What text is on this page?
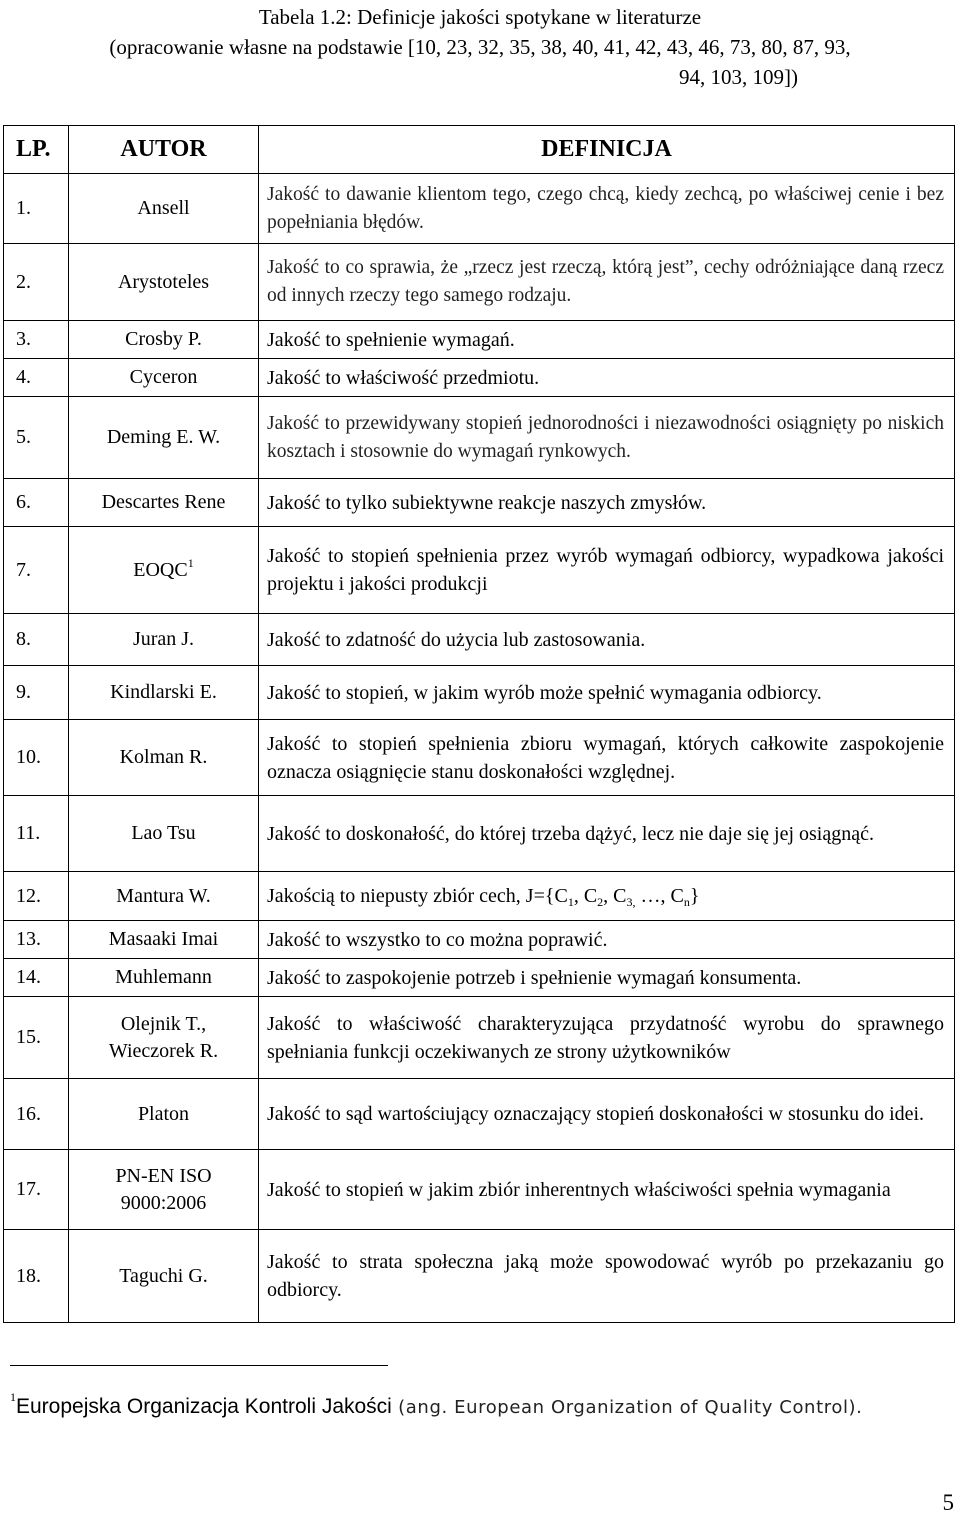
Tabela 1.2: Definicje jakości spotykane w literaturze
(opracowanie własne na podstawie [10, 23, 32, 35, 38, 40, 41, 42, 43, 46, 73, 80, 87, 93,
94, 103, 109])
LP.	AUTOR	DEFINICJA
1.	Ansell	Jakość to dawanie klientom tego, czego chcą, kiedy zechcą, po właściwej cenie i bez popełniania błędów.
2.	Arystoteles	Jakość to co sprawia, że „rzecz jest rzeczą, którą jest”, cechy odróżniające daną rzecz od innych rzeczy tego samego rodzaju.
3.	Crosby P.	Jakość to spełnienie wymagań.
4.	Cyceron	Jakość to właściwość przedmiotu.
5.	Deming E. W.	Jakość to przewidywany stopień jednorodności i niezawodności osiągnięty po niskich kosztach i stosownie do wymagań rynkowych.
6.	Descartes Rene	Jakość to tylko subiektywne reakcje naszych zmysłów.
7.	EOQC$^1$	Jakość to stopień spełnienia przez wyrób wymagań odbiorcy, wypadkowa jakości projektu i jakości produkcji
8.	Juran J.	Jakość to zdatność do użycia lub zastosowania.
9.	Kindlarski E.	Jakość to stopień, w jakim wyrób może spełnić wymagania odbiorcy.
10.	Kolman R.	Jakość to stopień spełnienia zbioru wymagań, których całkowite zaspokojenie oznacza osiągnięcie stanu doskonałości względnej.
11.	Lao Tsu	Jakość to doskonałość, do której trzeba dążyć, lecz nie daje się jej osiągnąć.
12.	Mantura W.	Jakością to niepusty zbiór cech, $J=\{C_1$, $C_2$, $C_{3,}$ …, $C_n$}
13.	Masaaki Imai	Jakość to wszystko to co można poprawić.
14.	Muhlemann	Jakość to zaspokojenie potrzeb i spełnienie wymagań konsumenta.
15.	Olejnik T.,
Wieczorek R.	Jakość to właściwość charakteryzująca przydatność wyrobu do sprawnego spełniania funkcji oczekiwanych ze strony użytkowników
16.	Platon	Jakość to sąd wartościujący oznaczający stopień doskonałości w stosunku do idei.
17.	PN-EN ISO
9000:2006	Jakość to stopień w jakim zbiór inherentnych właściwości spełnia wymagania
18.	Taguchi G.	Jakość to strata społeczna jaką może spowodować wyrób po przekazaniu go odbiorcy.
$^1$Europejska Organizacja Kontroli Jakości (ang. European Organization of Quality Control).
5
